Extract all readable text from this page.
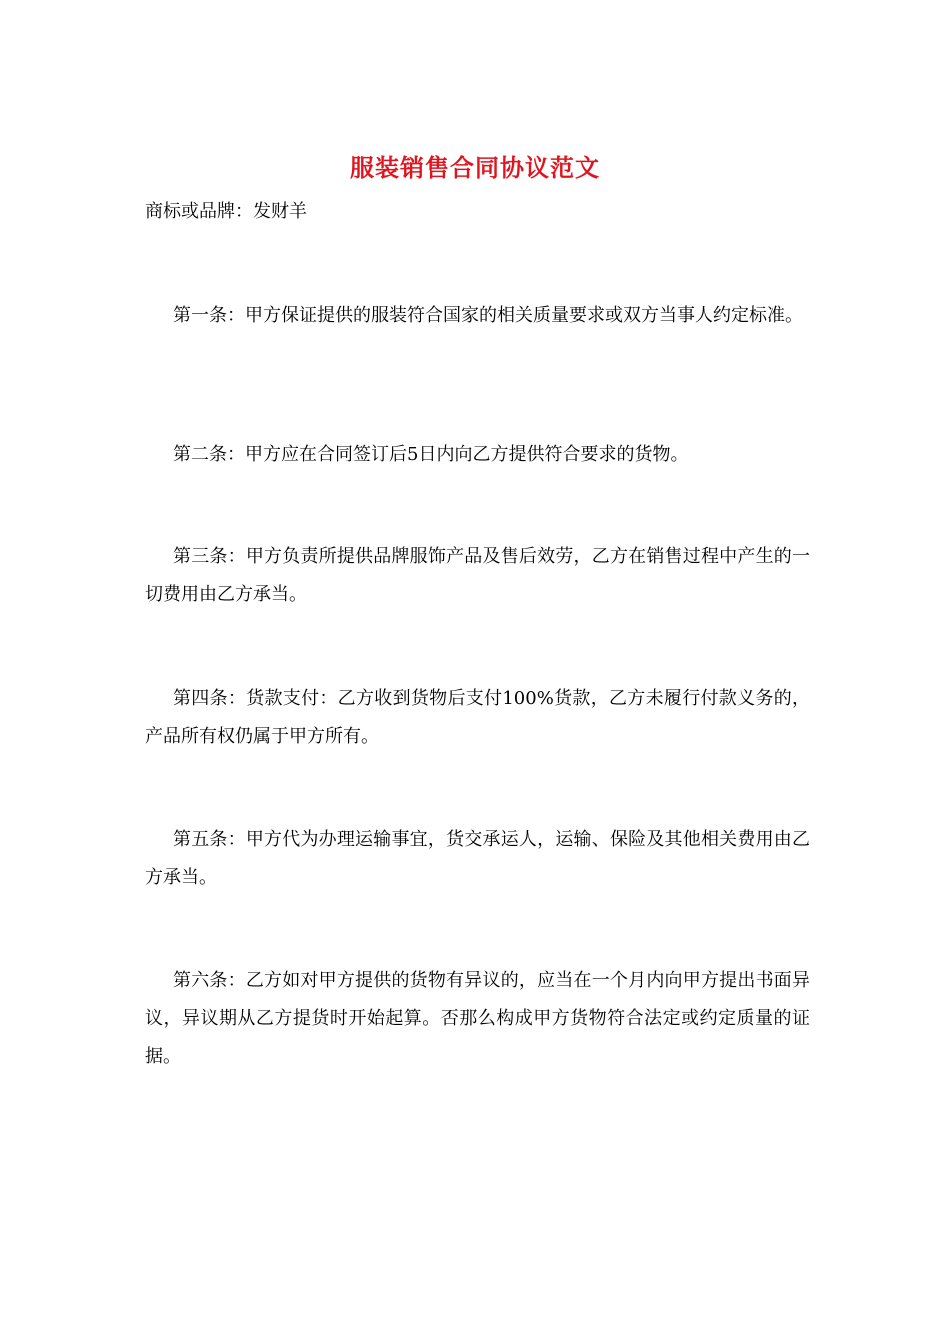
服装销售合同协议范文
商标或品牌：发财羊

第一条：甲方保证提供的服装符合国家的相关质量要求或双方当事人约定标准。

第二条：甲方应在合同签订后5日内向乙方提供符合要求的货物。

第三条：甲方负责所提供品牌服饰产品及售后效劳，乙方在销售过程中产生的一切费用由乙方承当。

第四条：货款支付：乙方收到货物后支付100%货款，乙方未履行付款义务的，产品所有权仍属于甲方所有。

第五条：甲方代为办理运输事宜，货交承运人，运输、保险及其他相关费用由乙方承当。

第六条：乙方如对甲方提供的货物有异议的，应当在一个月内向甲方提出书面异议，异议期从乙方提货时开始起算。否那么构成甲方货物符合法定或约定质量的证据。
